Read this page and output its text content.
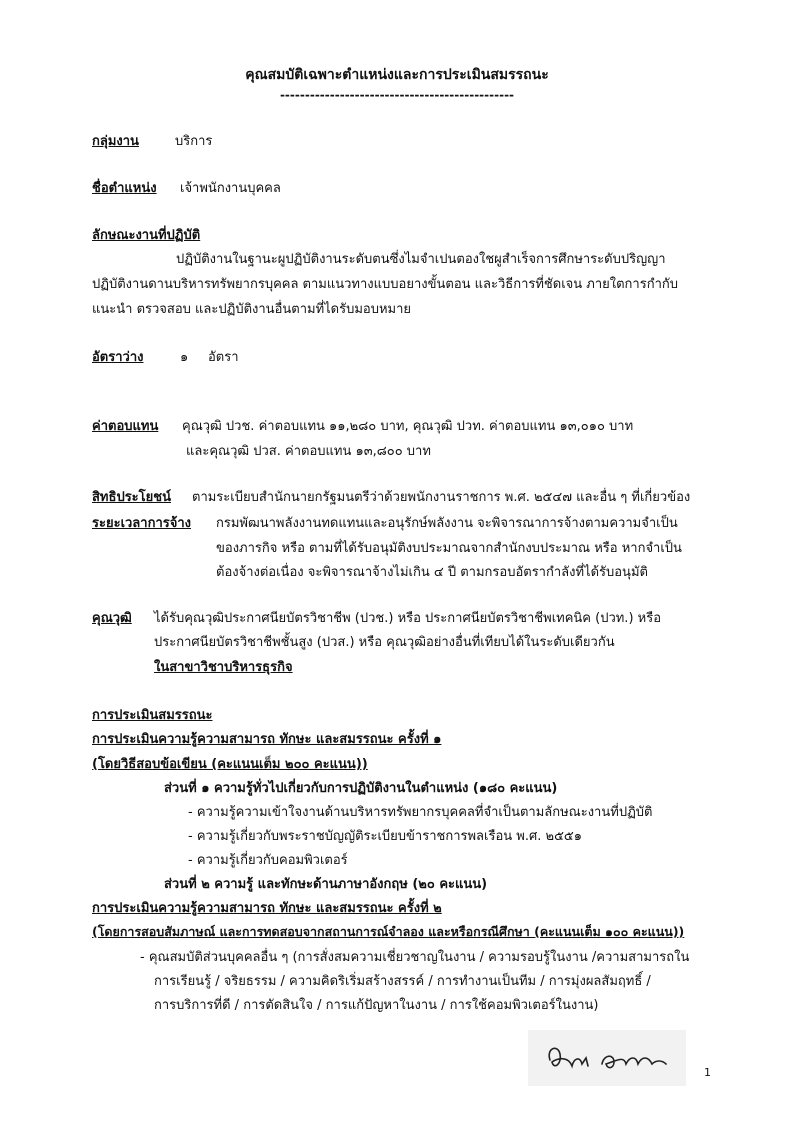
คุณสมบัติเฉพาะตำแหน่งและการประเมินสมรรถนะ
-----------------------------------------------
กลุ่มงาน	บริการ
ชื่อตำแหน่ง เจ้าพนักงานบุคคล
ลักษณะงานที่ปฏิบัติ
ปฏิบัติงานในฐานะผูปฏิบัติงานระดับตนซึ่งไมจำเปนตองใชผูสำเร็จการศึกษาระดับปริญญา
ปฏิบัติงานดานบริหารทรัพยากรบุคคล ตามแนวทางแบบอยางขั้นตอน และวิธีการที่ชัดเจน ภายใตการกำกับ
แนะนำ ตรวจสอบ และปฏิบัติงานอื่นตามที่ไดรับมอบหมาย
อัตราว่าง	๑ อัตรา
ค่าตอบแทน คุณวุฒิ ปวช. ค่าตอบแทน ๑๑,๒๘๐ บาท, คุณวุฒิ ปวท. ค่าตอบแทน ๑๓,๐๑๐ บาท
และคุณวุฒิ ปวส. ค่าตอบแทน ๑๓,๘๐๐ บาท
สิทธิประโยชน์ ตามระเบียบสำนักนายกรัฐมนตรีว่าด้วยพนักงานราชการ พ.ศ. ๒๕๔๗ และอื่น ๆ ที่เกี่ยวข้อง
ระยะเวลาการจ้าง กรมพัฒนาพลังงานทดแทนและอนุรักษ์พลังงาน จะพิจารณาการจ้างตามความจำเป็น
ของภารกิจ หรือ ตามที่ได้รับอนุมัติงบประมาณจากสำนักงบประมาณ หรือ หากจำเป็น
ต้องจ้างต่อเนื่อง จะพิจารณาจ้างไม่เกิน ๔ ปี ตามกรอบอัตรากำลังที่ได้รับอนุมัติ
คุณวุฒิ ได้รับคุณวุฒิประกาศนียบัตรวิชาชีพ (ปวช.) หรือ ประกาศนียบัตรวิชาชีพเทคนิค (ปวท.) หรือ
ประกาศนียบัตรวิชาชีพชั้นสูง (ปวส.) หรือ คุณวุฒิอย่างอื่นที่เทียบได้ในระดับเดียวกัน
ในสาขาวิชาบริหารธุรกิจ
การประเมินสมรรถนะ
การประเมินความรู้ความสามารถ ทักษะ และสมรรถนะ ครั้งที่ ๑
(โดยวิธีสอบข้อเขียน (คะแนนเต็ม ๒๐๐ คะแนน))
ส่วนที่ ๑ ความรู้ทั่วไปเกี่ยวกับการปฏิบัติงานในตำแหน่ง (๑๘๐ คะแนน)
- ความรู้ความเข้าใจงานด้านบริหารทรัพยากรบุคคลที่จำเป็นตามลักษณะงานที่ปฏิบัติ
- ความรู้เกี่ยวกับพระราชบัญญัติระเบียบข้าราชการพลเรือน พ.ศ. ๒๕๕๑
- ความรู้เกี่ยวกับคอมพิวเตอร์
ส่วนที่ ๒ ความรู้ และทักษะด้านภาษาอังกฤษ (๒๐ คะแนน)
การประเมินความรู้ความสามารถ ทักษะ และสมรรถนะ ครั้งที่ ๒
(โดยการสอบสัมภาษณ์ และการทดสอบจากสถานการณ์จำลอง และหรือกรณีศึกษา (คะแนนเต็ม ๑๐๐ คะแนน))
- คุณสมบัติส่วนบุคคลอื่น ๆ (การสั่งสมความเชี่ยวชาญในงาน / ความรอบรู้ในงาน /ความสามารถใน
การเรียนรู้ / จริยธรรม / ความคิดริเริ่มสร้างสรรค์ / การทำงานเป็นทีม / การมุ่งผลสัมฤทธิ์ /
การบริการที่ดี / การตัดสินใจ / การแก้ปัญหาในงาน / การใช้คอมพิวเตอร์ในงาน)
1
